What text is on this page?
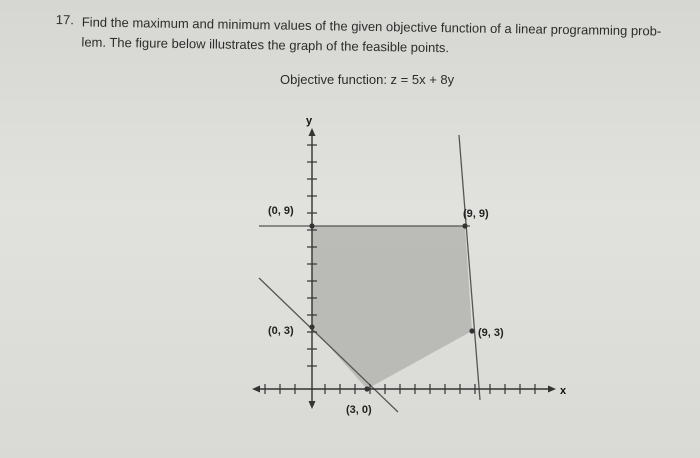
17. Find the maximum and minimum values of the given objective function of a linear programming prob- lem. The figure below illustrates the graph of the feasible points.
Objective function: z = 5x + 8y
y
x
(0, 9)	(9, 9)
(9, 3)
(3, 0)
(0, 3)
